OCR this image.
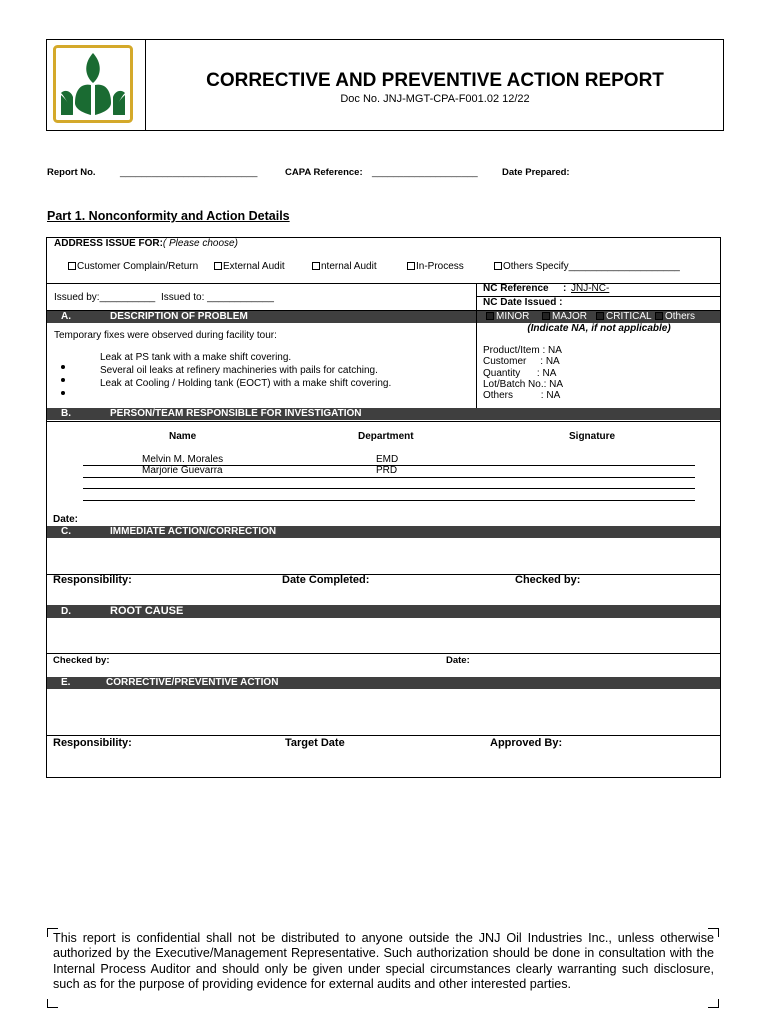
CORRECTIVE AND PREVENTIVE ACTION REPORT
Doc No. JNJ-MGT-CPA-F001.02 12/22
Report No.	__________________________	CAPA Reference: ____________________	Date Prepared:
Part 1. Nonconformity and Action Details
ADDRESS ISSUE FOR:( Please choose)
Customer Complain/Return	External Audit	nternal Audit	In-Process	Others Specify____________________
Issued by:__________ Issued to: ____________
NC Reference : JNJ-NC-
NC Date Issued :
A.	DESCRIPTION OF PROBLEM	MINOR	MAJOR	CRITICAL	Others
Temporary fixes were observed during facility tour:
Leak at PS tank with a make shift covering.
Several oil leaks at refinery machineries with pails for catching.
Leak at Cooling / Holding tank (EOCT) with a make shift covering.
(Indicate NA, if not applicable)
Product/Item : NA
Customer     : NA
Quantity      : NA
Lot/Batch No.: NA
Others          : NA
B.	PERSON/TEAM RESPONSIBLE FOR INVESTIGATION
Name	Department	Signature
Melvin M. Morales	EMD
Marjorie Guevarra	PRD
Date:
C.	IMMEDIATE ACTION/CORRECTION
Responsibility:	Date Completed:	Checked by:
D.	ROOT CAUSE
Checked by:	Date:
E.	CORRECTIVE/PREVENTIVE ACTION
Responsibility:	Target Date	Approved By:
This report is confidential shall not be distributed to anyone outside the JNJ Oil Industries Inc., unless otherwise authorized by the Executive/Management Representative. Such authorization should be done in consultation with the Internal Process Auditor and should only be given under special circumstances clearly warranting such disclosure, such as for the purpose of providing evidence for external audits and other interested parties.
